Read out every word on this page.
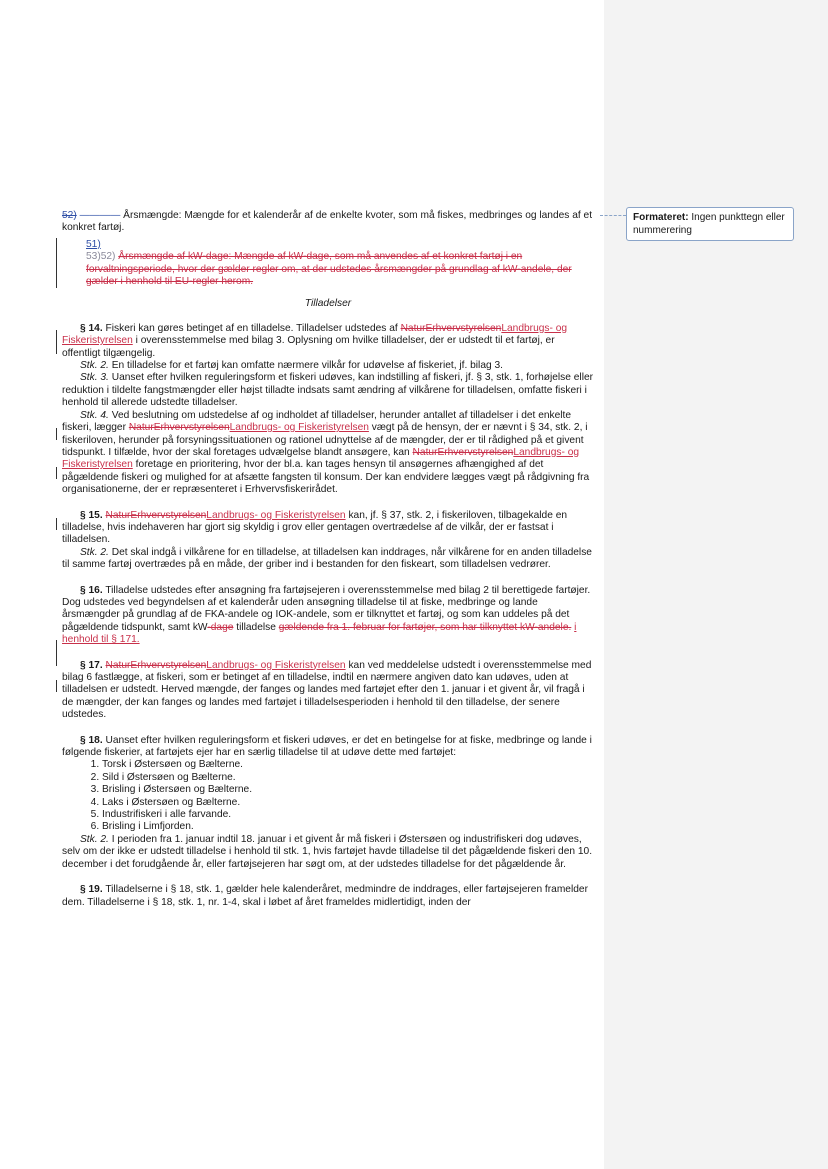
Formateret: Ingen punkttegn eller nummerering

52) ———— Årsmængde: Mængde for et kalenderår af de enkelte kvoter, som må fiskes, medbringes og landes af et konkret fartøj.

51)
53)52) Årsmængde af kW-dage: Mængde af kW-dage, som må anvendes af et konkret fartøj i en forvaltningsperiode, hvor der gælder regler om, at der udstedes årsmængder på grundlag af kW-andele, der gælder i henhold til EU-regler herom.

Tilladelser

§ 14. Fiskeri kan gøres betinget af en tilladelse. Tilladelser udstedes af NaturErhvervstyrelsenLandbrugs- og Fiskeristyrelsen i overensstemmelse med bilag 3. Oplysning om hvilke tilladelser, der er udstedt til et fartøj, er offentligt tilgængelig.

Stk. 2. En tilladelse for et fartøj kan omfatte nærmere vilkår for udøvelse af fiskeriet, jf. bilag 3.

Stk. 3. Uanset efter hvilken reguleringsform et fiskeri udøves, kan indstilling af fiskeri, jf. § 3, stk. 1, forhøjelse eller reduktion i tildelte fangstmængder eller højst tilladte indsats samt ændring af vilkårene for tilladelsen, omfatte fiskeri i henhold til allerede udstedte tilladelser.

Stk. 4. Ved beslutning om udstedelse af og indholdet af tilladelser, herunder antallet af tilladelser i det enkelte fiskeri, lægger NaturErhvervstyrelsenLandbrugs- og Fiskeristyrelsen vægt på de hensyn, der er nævnt i § 34, stk. 2, i fiskeriloven, herunder på forsyningssituationen og rationel udnyttelse af de mængder, der er til rådighed på et givent tidspunkt. I tilfælde, hvor der skal foretages udvælgelse blandt ansøgere, kan NaturErhvervstyrelsenLandbrugs- og Fiskeristyrelsen foretage en prioritering, hvor der bl.a. kan tages hensyn til ansøgernes afhængighed af det pågældende fiskeri og mulighed for at afsætte fangsten til konsum. Der kan endvidere lægges vægt på rådgivning fra organisationerne, der er repræsenteret i Erhvervsfiskerirådet.

§ 15. NaturErhvervstyrelsenLandbrugs- og Fiskeristyrelsen kan, jf. § 37, stk. 2, i fiskeriloven, tilbagekalde en tilladelse, hvis indehaveren har gjort sig skyldig i grov eller gentagen overtrædelse af de vilkår, der er fastsat i tilladelsen.

Stk. 2. Det skal indgå i vilkårene for en tilladelse, at tilladelsen kan inddrages, når vilkårene for en anden tilladelse til samme fartøj overtrædes på en måde, der griber ind i bestanden for den fiskeart, som tilladelsen vedrører.

§ 16. Tilladelse udstedes efter ansøgning fra fartøjsejeren i overensstemmelse med bilag 2 til berettigede fartøjer. Dog udstedes ved begyndelsen af et kalenderår uden ansøgning tilladelse til at fiske, medbringe og lande årsmængder på grundlag af de FKA-andele og IOK-andele, som er tilknyttet et fartøj, og som kan uddeles på det pågældende tidspunkt, samt kW-dage tilladelse gældende fra 1. februar for fartøjer, som har tilknyttet kW-andele. i henhold til § 171.

§ 17. NaturErhvervstyrelsenLandbrugs- og Fiskeristyrelsen kan ved meddelelse udstedt i overensstemmelse med bilag 6 fastlægge, at fiskeri, som er betinget af en tilladelse, indtil en nærmere angiven dato kan udøves, uden at tilladelsen er udstedt. Herved mængde, der fanges og landes med fartøjet efter den 1. januar i et givent år, vil fragå i de mængder, der kan fanges og landes med fartøjet i tilladelsesperioden i henhold til den tilladelse, der senere udstedes.

§ 18. Uanset efter hvilken reguleringsform et fiskeri udøves, er det en betingelse for at fiske, medbringe og lande i følgende fiskerier, at fartøjets ejer har en særlig tilladelse til at udøve dette med fartøjet:

1. Torsk i Østersøen og Bælterne.
2. Sild i Østersøen og Bælterne.
3. Brisling i Østersøen og Bælterne.
4. Laks i Østersøen og Bælterne.
5. Industrifiskeri i alle farvande.
6. Brisling i Limfjorden.

Stk. 2. I perioden fra 1. januar indtil 18. januar i et givent år må fiskeri i Østersøen og industrifiskeri dog udøves, selv om der ikke er udstedt tilladelse i henhold til stk. 1, hvis fartøjet havde tilladelse til det pågældende fiskeri den 10. december i det forudgående år, eller fartøjsejeren har søgt om, at der udstedes tilladelse for det pågældende år.

§ 19. Tilladelserne i § 18, stk. 1, gælder hele kalenderåret, medmindre de inddrages, eller fartøjsejeren framelder dem. Tilladelserne i § 18, stk. 1, nr. 1-4, skal i løbet af året frameldes midlertidigt, inden der
